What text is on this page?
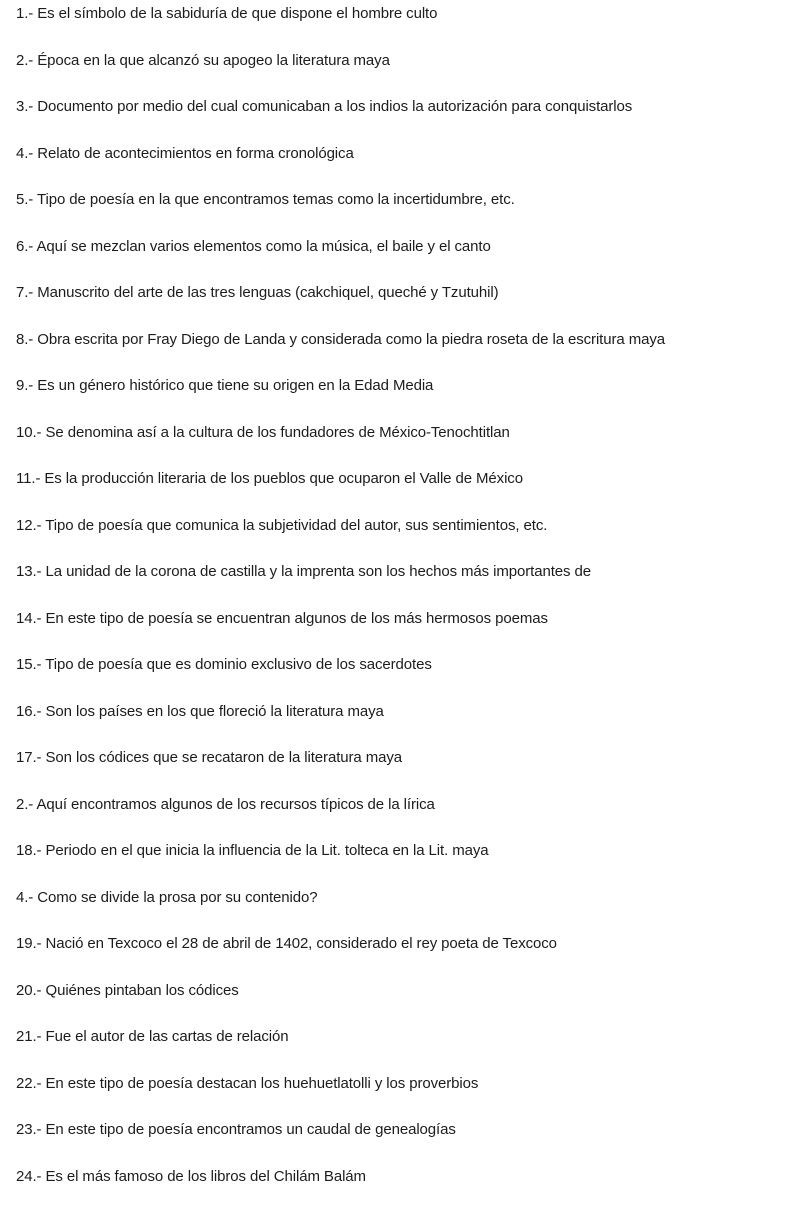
1.- Es el símbolo de la sabiduría de que dispone el hombre culto
2.- Época en la que alcanzó su apogeo la literatura maya
3.- Documento por medio del cual comunicaban a los indios la autorización para conquistarlos
4.- Relato de acontecimientos en forma cronológica
5.- Tipo de poesía en la que encontramos temas como la incertidumbre, etc.
6.- Aquí se mezclan varios elementos como la música, el baile y el canto
7.- Manuscrito del arte de las tres lenguas (cakchiquel, queché y Tzutuhil)
8.- Obra escrita por Fray Diego de Landa y considerada como la piedra roseta de la escritura maya
9.- Es un género histórico que tiene su origen en la Edad Media
10.- Se denomina así a la cultura de los fundadores de México-Tenochtitlan
11.- Es la producción literaria de los pueblos que ocuparon el Valle de México
12.- Tipo de poesía que comunica la subjetividad del autor, sus sentimientos, etc.
13.- La unidad de la corona de castilla y la imprenta son los hechos más importantes de
14.- En este tipo de poesía se encuentran algunos de los más hermosos poemas
15.- Tipo de poesía que es dominio exclusivo de los sacerdotes
16.- Son los países en los que floreció la literatura maya
17.- Son los códices que se recataron de la literatura maya
2.- Aquí encontramos algunos de los recursos típicos de la lírica
18.- Periodo en el que inicia la influencia de la Lit. tolteca en la Lit. maya
4.- Como se divide la prosa por su contenido?
19.- Nació en Texcoco el 28 de abril de 1402, considerado el rey poeta de Texcoco
20.- Quiénes pintaban los códices
21.- Fue el autor de las cartas de relación
22.- En este tipo de poesía destacan los huehuetlatolli y los proverbios
23.- En este tipo de poesía encontramos un caudal de genealogías
24.- Es el más famoso de los libros del Chilám Balám
